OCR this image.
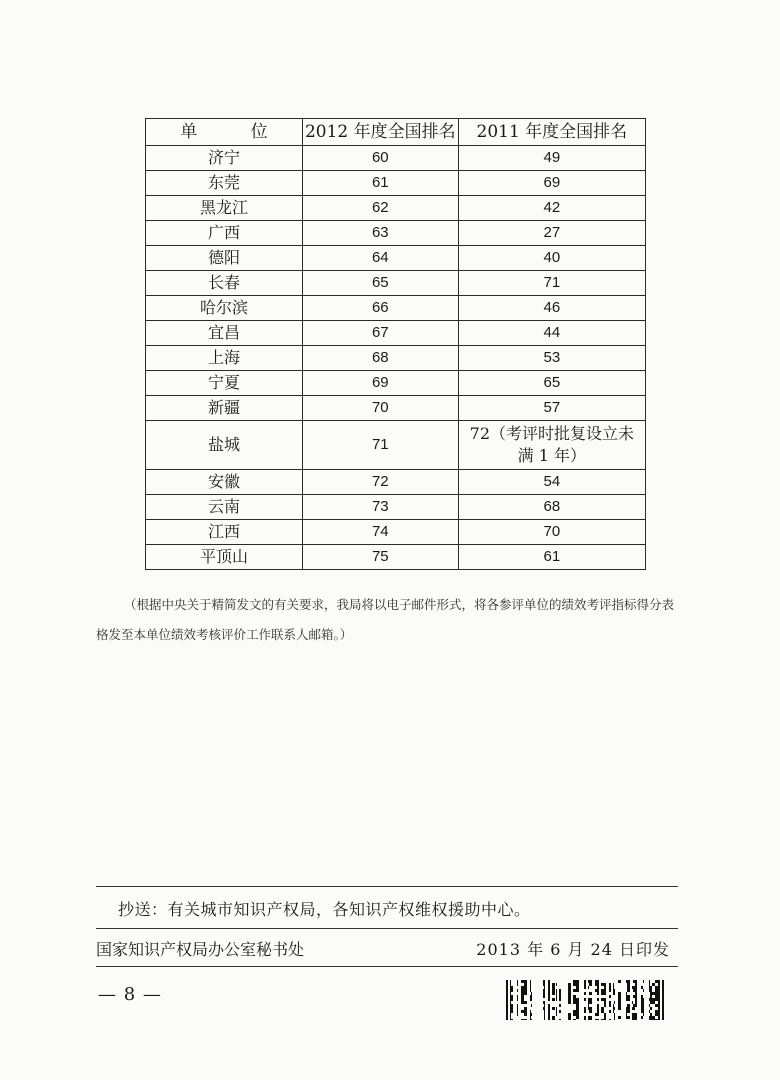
单 位	2012 年度全国排名	2011 年度全国排名
济宁	60	49
东莞	61	69
黑龙江	62	42
广西	63	27
德阳	64	40
长春	65	71
哈尔滨	66	46
宜昌	67	44
上海	68	53
宁夏	69	65
新疆	70	57
盐城	71	72（考评时批复设立未满 1 年）
安徽	72	54
云南	73	68
江西	74	70
平顶山	75	61
（根据中央关于精简发文的有关要求，我局将以电子邮件形式，将各参评单位的绩效考评指标得分表格发至本单位绩效考核评价工作联系人邮箱。）
抄送：有关城市知识产权局，各知识产权维权援助中心。
国家知识产权局办公室秘书处	2013 年 6 月 24 日印发
— 8 —
